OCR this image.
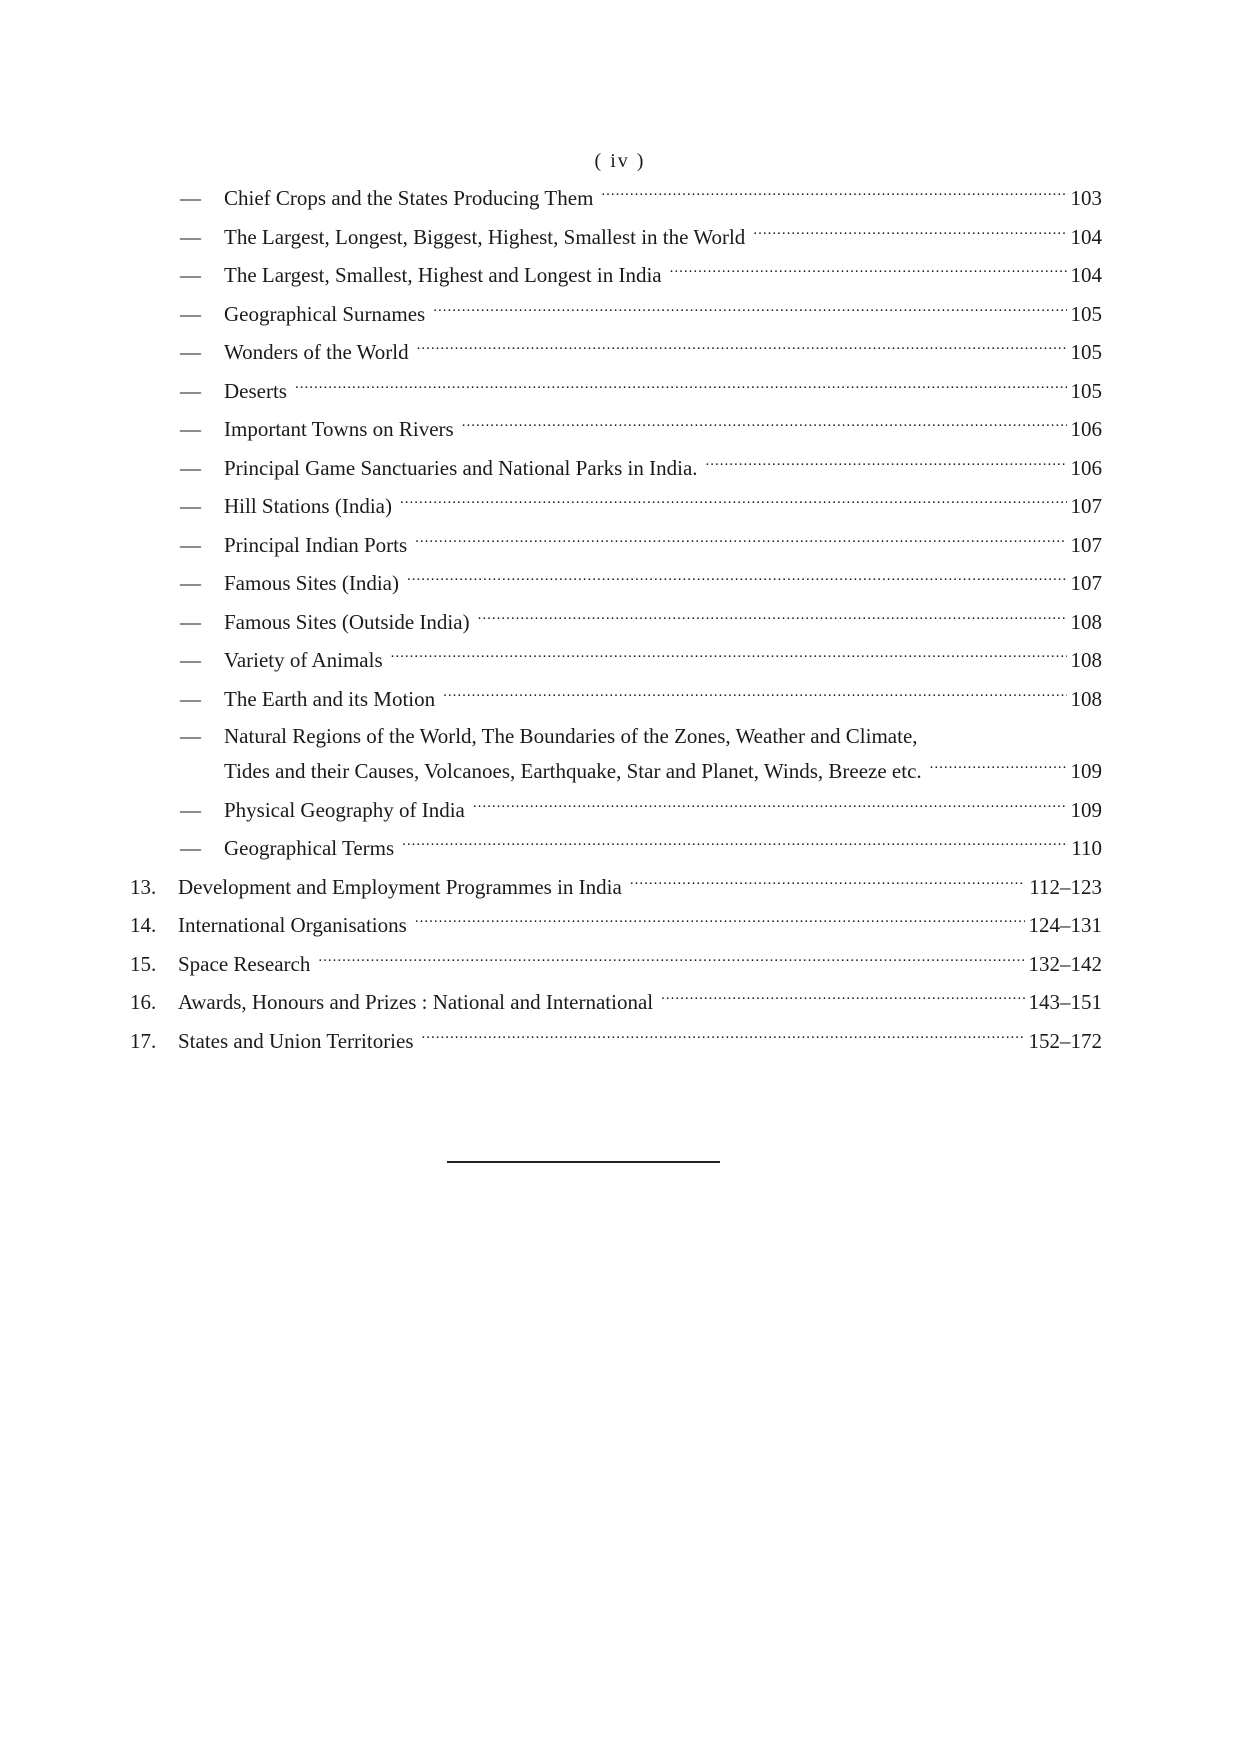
( iv )
—	Chief Crops and the States Producing Them .....	103
—	The Largest, Longest, Biggest, Highest, Smallest in the World .....	104
—	The Largest, Smallest, Highest and Longest in India .....	104
—	Geographical Surnames .....	105
—	Wonders of the World .....	105
—	Deserts .....	105
—	Important Towns on Rivers .....	106
—	Principal Game Sanctuaries and National Parks in India. .....	106
—	Hill Stations (India) .....	107
—	Principal Indian Ports .....	107
—	Famous Sites (India) .....	107
—	Famous Sites (Outside India) .....	108
—	Variety of Animals .....	108
—	The Earth and its Motion .....	108
—	Natural Regions of the World, The Boundaries of the Zones, Weather and Climate,
Tides and their Causes, Volcanoes, Earthquake, Star and Planet, Winds, Breeze etc. .....	109
—	Physical Geography of India .....	109
—	Geographical Terms .....	110
13.	Development and Employment Programmes in India .....	112–123
14.	International Organisations .....	124–131
15.	Space Research .....	132–142
16.	Awards, Honours and Prizes : National and International .....	143–151
17.	States and Union Territories .....	152–172
